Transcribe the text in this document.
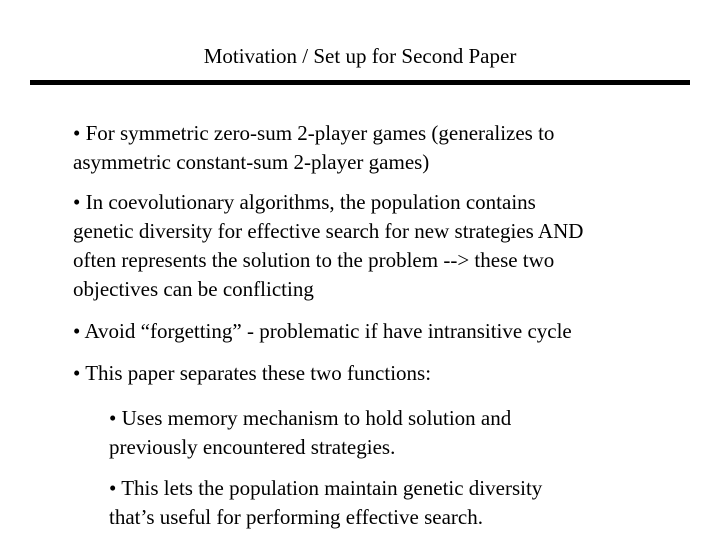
Motivation / Set up for Second Paper
• For symmetric zero-sum 2-player games (generalizes to
asymmetric constant-sum 2-player games)
• In coevolutionary algorithms, the population contains
genetic diversity for effective search for new strategies AND
often represents the solution to the problem --> these two
objectives can be conflicting
• Avoid “forgetting” - problematic if have intransitive cycle
• This paper separates these two functions:
• Uses memory mechanism to hold solution and
previously encountered strategies.
• This lets the population maintain genetic diversity
that’s useful for performing effective search.
